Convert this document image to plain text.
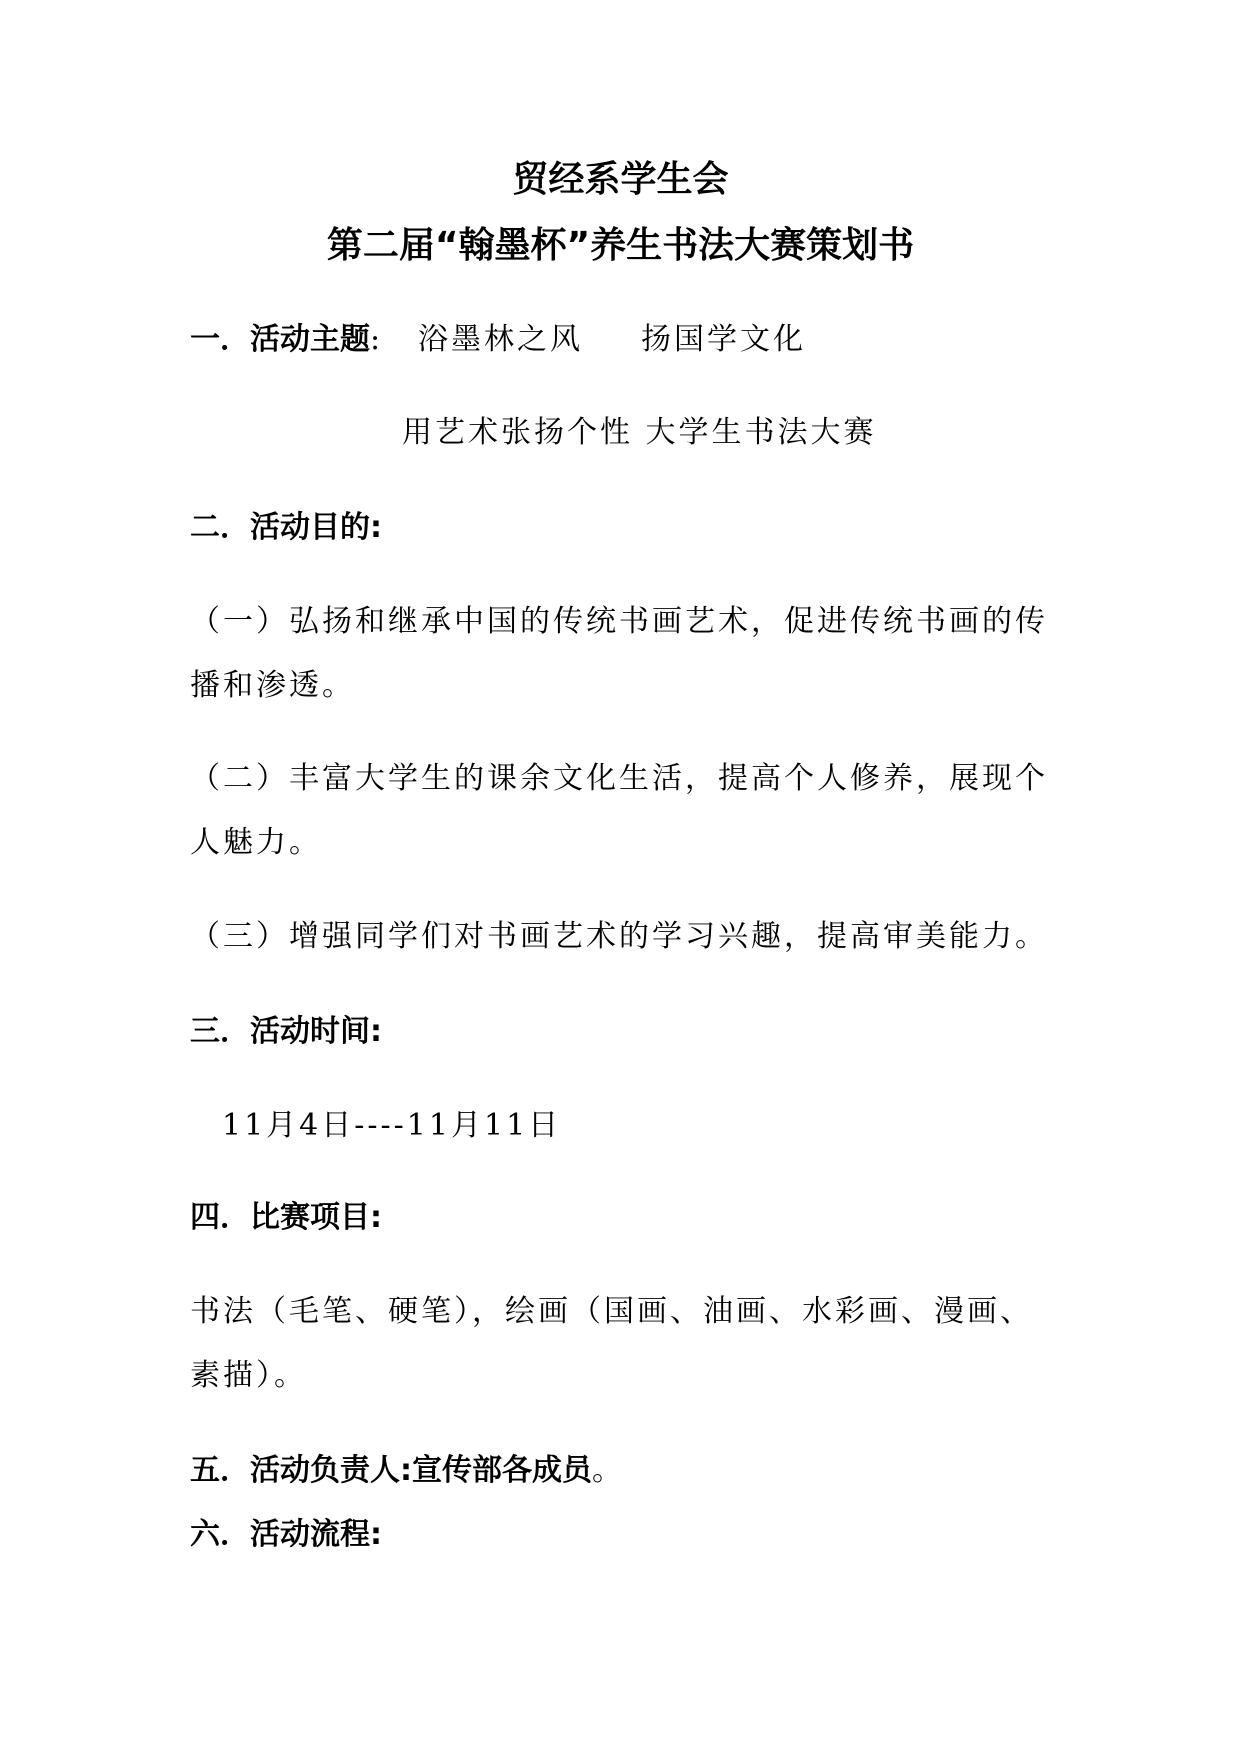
贸经系学生会
第二届“翰墨杯”养生书法大赛策划书
一．活动主题: 浴墨林之风 扬国学文化
用艺术张扬个性 大学生书法大赛
二．活动目的:
（一）弘扬和继承中国的传统书画艺术，促进传统书画的传
播和渗透。
（二）丰富大学生的课余文化生活，提高个人修养，展现个
人魅力。
（三）增强同学们对书画艺术的学习兴趣，提高审美能力。
三．活动时间:
11月4日----11月11日
四．比赛项目:
书法（毛笔、硬笔），绘画（国画、油画、水彩画、漫画、
素描）。
五．活动负责人:宣传部各成员。
六．活动流程:
